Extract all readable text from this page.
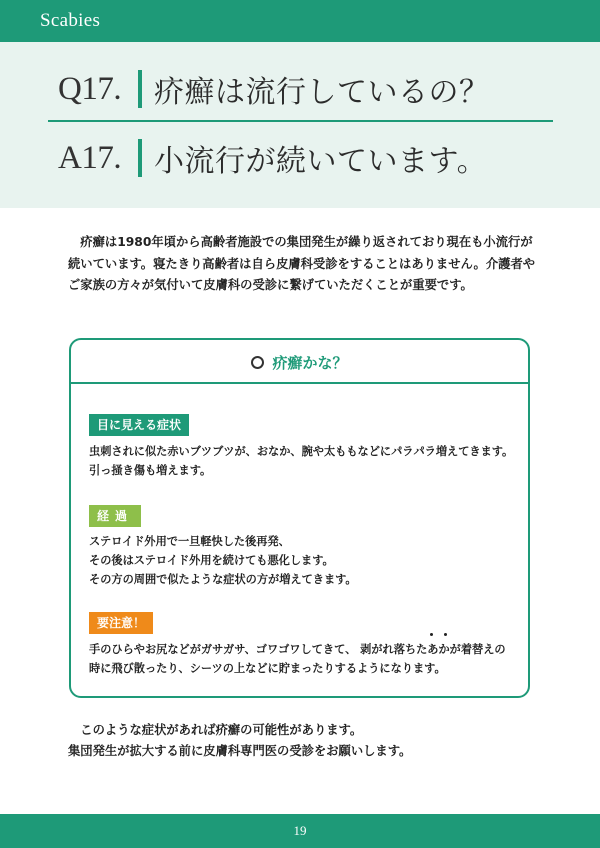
Scabies
Q17.	疥癬は流行しているの？
A17.	小流行が続いています。

疥癬は1980年頃から高齢者施設での集団発生が繰り返されており現在も小流行が続いています。寝たきり高齢者は自ら皮膚科受診をすることはありません。介護者やご家族の方々が気付いて皮膚科の受診に繋げていただくことが重要です。

疥癬かな？
目に見える症状
虫刺されに似た赤いブツブツが、おなか、腕や太ももなどにパラパラ増えてきます。
引っ掻き傷も増えます。
経過
ステロイド外用で一旦軽快した後再発、
その後はステロイド外用を続けても悪化します。
その方の周囲で似たような症状の方が増えてきます。
要注意！
手のひらやお尻などがガサガサ、ゴワゴワしてきて、 剥がれ落ちたあかが着替えの
時に飛び散ったり、シーツの上などに貯まったりするようになります。

このような症状があれば疥癬の可能性があります。

集団発生が拡大する前に皮膚科専門医の受診をお願いします。

19
